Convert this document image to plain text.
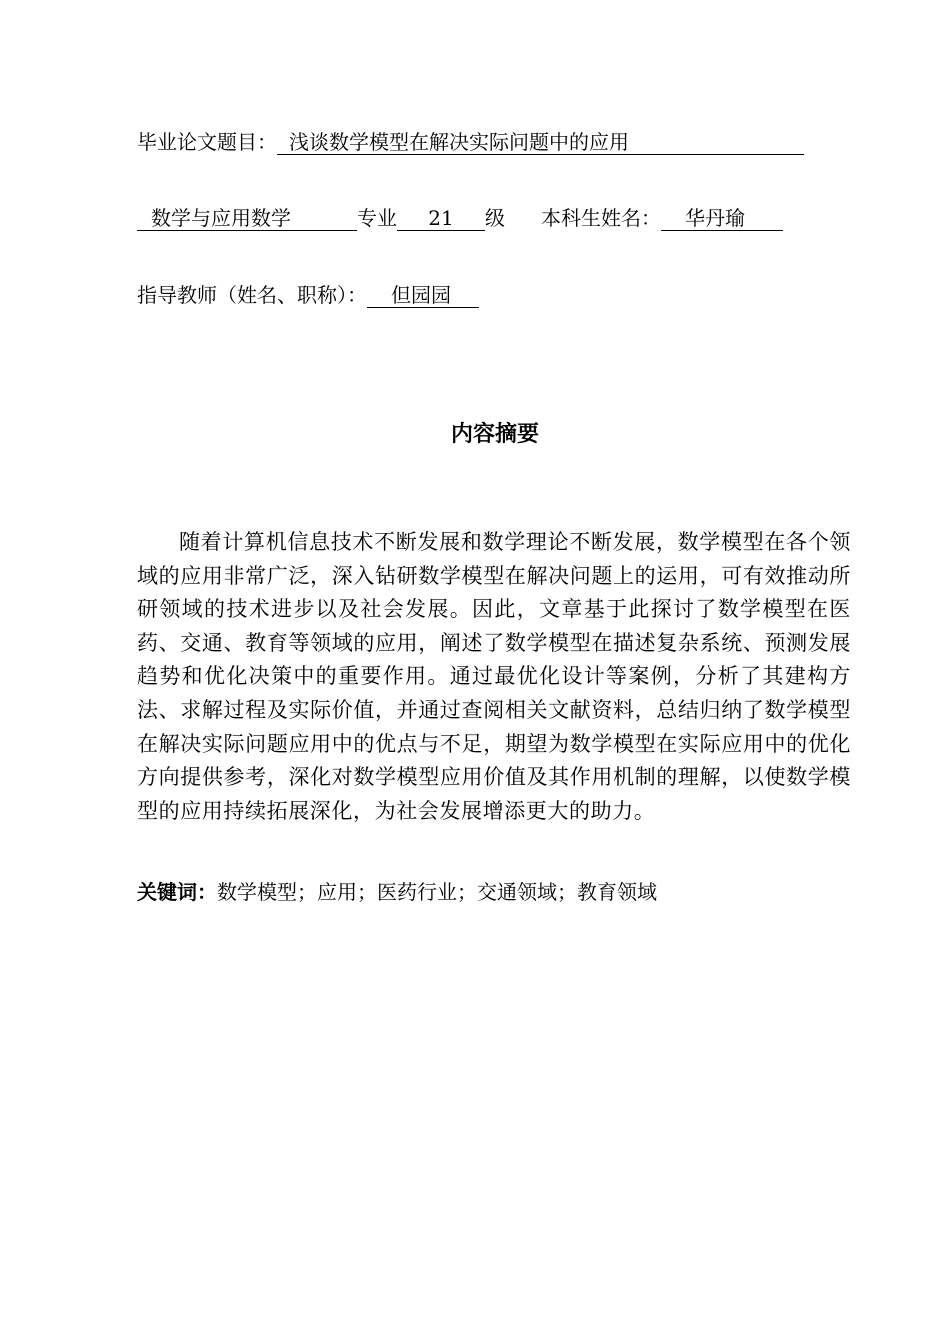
毕业论文题目： 浅谈数学模型在解决实际问题中的应用
数学与应用数学	专业 21 级 本科生姓名： 华丹瑜
指导教师（姓名、职称）： 但园园
内容摘要

随着计算机信息技术不断发展和数学理论不断发展，数学模型在各个领域的应用非常广泛，深入钻研数学模型在解决问题上的运用，可有效推动所研领域的技术进步以及社会发展。因此，文章基于此探讨了数学模型在医药、交通、教育等领域的应用，阐述了数学模型在描述复杂系统、预测发展趋势和优化决策中的重要作用。通过最优化设计等案例，分析了其建构方法、求解过程及实际价值，并通过查阅相关文献资料，总结归纳了数学模型在解决实际问题应用中的优点与不足，期望为数学模型在实际应用中的优化方向提供参考，深化对数学模型应用价值及其作用机制的理解，以使数学模型的应用持续拓展深化，为社会发展增添更大的助力。

关键词：数学模型；应用；医药行业；交通领域；教育领域
